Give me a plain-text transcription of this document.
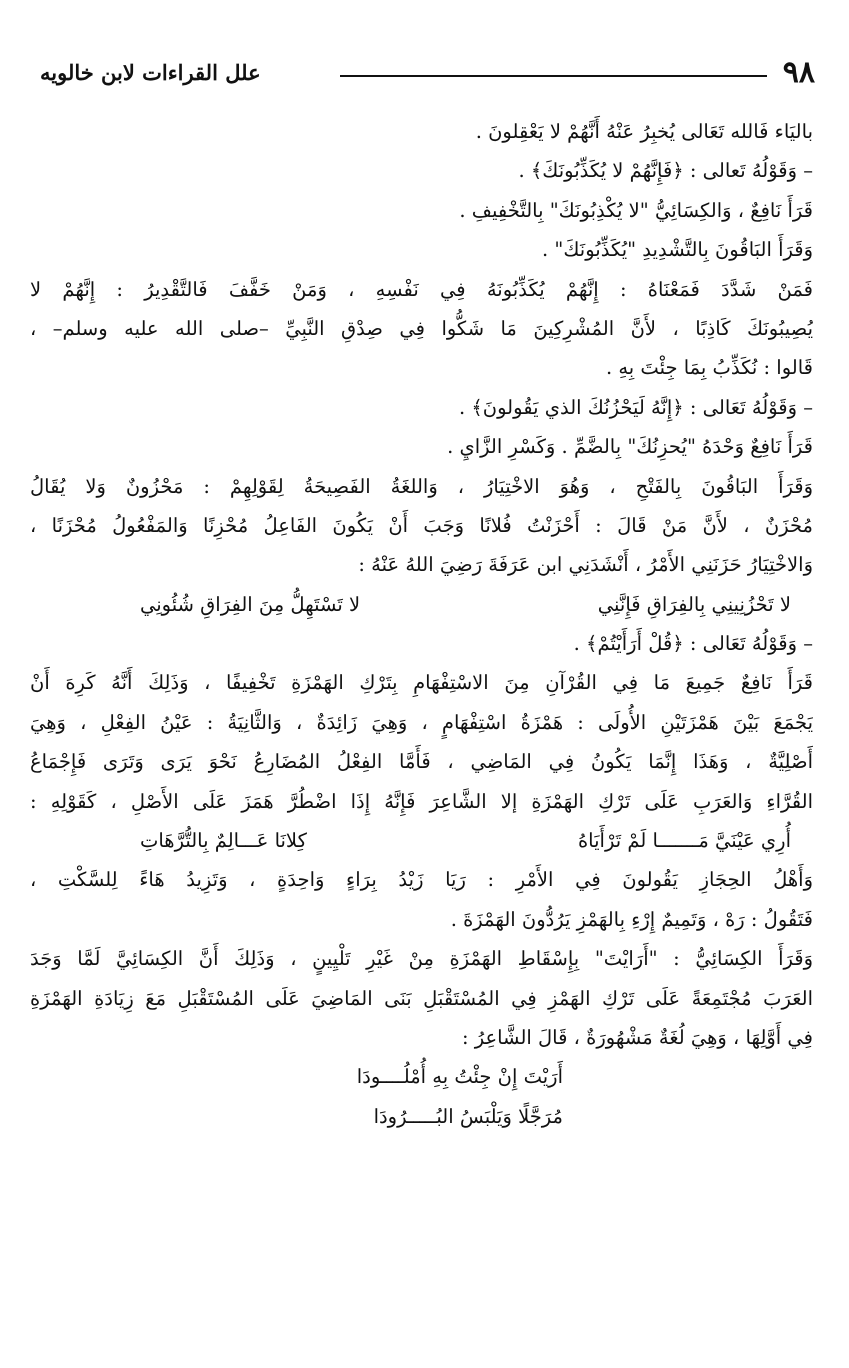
٩٨
علل القراءات لابن خالويه
باليَاء فَالله تَعَالى يُخبِرُ عَنْهُ أَنَّهُمْ لا يَعْقِلونَ .
– وَقَوْلُهُ تَعالى : ﴿فَإِنَّهُمْ لا يُكَذِّبُونَكَ﴾ .
قَرَأَ نَافِعٌ ، وَالكِسَائِيُّ "لا يُكْذِبُونَكَ" بِالتَّخْفِيفِ .
وَقَرَأَ البَاقُونَ بِالتَّشْدِيدِ "يُكَذِّبُونَكَ" .
فَمَنْ شَدَّدَ فَمَعْنَاهُ : إِنَّهُمْ يُكَذِّبُونَهُ فِي نَفْسِهِ ، وَمَنْ خَفَّفَ فَالتَّقْدِيرُ : إِنَّهُمْ لا
يُصِيبُونَكَ كَاذِبًا ، لأَنَّ المُشْرِكِينَ مَا شَكُّوا فِي صِدْقِ النَّبِيِّ –صلى الله عليه وسلم– ،
قَالوا : نُكَذِّبُ بِمَا جِئْتَ بِهِ .
– وَقَوْلُهُ تَعَالى : ﴿إِنَّهُ لَيَحْزُنُكَ الذي يَقُولونَ﴾ .
قَرَأَ نَافِعٌ وَحْدَهُ "يُحزِنُكَ" بِالضَّمِّ . وَكَسْرِ الزَّايِ .
وَقَرَأَ البَاقُونَ بِالفَتْحِ ، وَهُوَ الاخْتِيَارُ ، وَاللغَةُ الفَصِيحَةُ لِقَوْلِهِمْ : مَحْزُونٌ وَلا يُقَالُ
مُحْزَنٌ ، لأَنَّ مَنْ قَالَ : أَحْزَنْتُ فُلانًا وَجَبَ أَنْ يَكُونَ الفَاعِلُ مُحْزِنًا وَالمَفْعُولُ مُحْزَنًا ،
وَالاخْتِيَارُ حَزَنَنِي الأَمْرُ ، أَنْشَدَنِي ابن عَرَفَةَ رَضِيَ اللهُ عَنْهُ :
لا تَحْزُنِينِي بِالفِرَاقِ فَإِنَّنِي
لا تَسْتَهِلُّ مِنَ الفِرَاقِ شُئُونِي
– وَقَوْلُهُ تَعَالى : ﴿قُلْ أَرَأَيْتُمْ﴾ .
قَرَأَ نَافِعٌ جَمِيعَ مَا فِي القُرْآنِ مِنَ الاسْتِفْهَامِ بِتَرْكِ الهَمْزَةِ تَخْفِيفًا ، وَذَلِكَ أَنَّهُ كَرِهَ أَنْ
يَجْمَعَ بَيْنَ هَمْزَتَيْنِ الأُولَى : هَمْزَةُ اسْتِفْهَامٍ ، وَهِيَ زَائِدَةٌ ، وَالثَّانِيَةُ : عَيْنُ الفِعْلِ ، وَهِيَ
أَصْلِيَّةٌ ، وَهَذَا إِنَّمَا يَكُونُ فِي المَاضِي ، فَأَمَّا الفِعْلُ المُضَارِعُ نَحْوَ يَرَى وَتَرَى فَإِجْمَاعُ
القُرَّاءِ وَالعَرَبِ عَلَى تَرْكِ الهَمْزَةِ إلا الشَّاعِرَ فَإِنَّهُ إِذَا اضْطُرَّ هَمَزَ عَلَى الأَصْلِ ، كَقَوْلِهِ :
أُرِي عَيْنَيَّ مَـــــــا لَمْ تَرْأَيَاهُ
كِلانَا عَـــالِمٌ بِالتُّرَّهَاتِ
وَأَهْلُ الحِجَازِ يَقُولونَ فِي الأَمْرِ : رَيَا زَيْدُ بِرَاءٍ وَاحِدَةٍ ، وَتَزِيدُ هَاءً لِلسَّكْتِ ،
فَتَقُولُ : رَهْ ، وَتَمِيمٌ إِرْءِ بِالهَمْزِ يَرُدُّونَ الهَمْزَةَ .
وَقَرَأَ الكِسَائِيُّ : "أَرَايْتَ" بِإِسْقَاطِ الهَمْزَةِ مِنْ غَيْرِ تَلْيِينٍ ، وَذَلِكَ أَنَّ الكِسَائِيَّ لَمَّا وَجَدَ
العَرَبَ مُجْتَمِعَةً عَلَى تَرْكِ الهَمْزِ فِي المُسْتَقْبَلِ بَنَى المَاضِيَ عَلَى المُسْتَقْبَلِ مَعَ زِيَادَةِ الهَمْزَةِ
فِي أَوَّلِهَا ، وَهِيَ لُغَةٌ مَشْهُورَةٌ ، قَالَ الشَّاعِرُ :
أَرَيْتَ إِنْ جِئْتُ بِهِ أُمْلُــــودَا
مُرَجَّلًا وَيَلْبَسُ البُـــــرُودَا
